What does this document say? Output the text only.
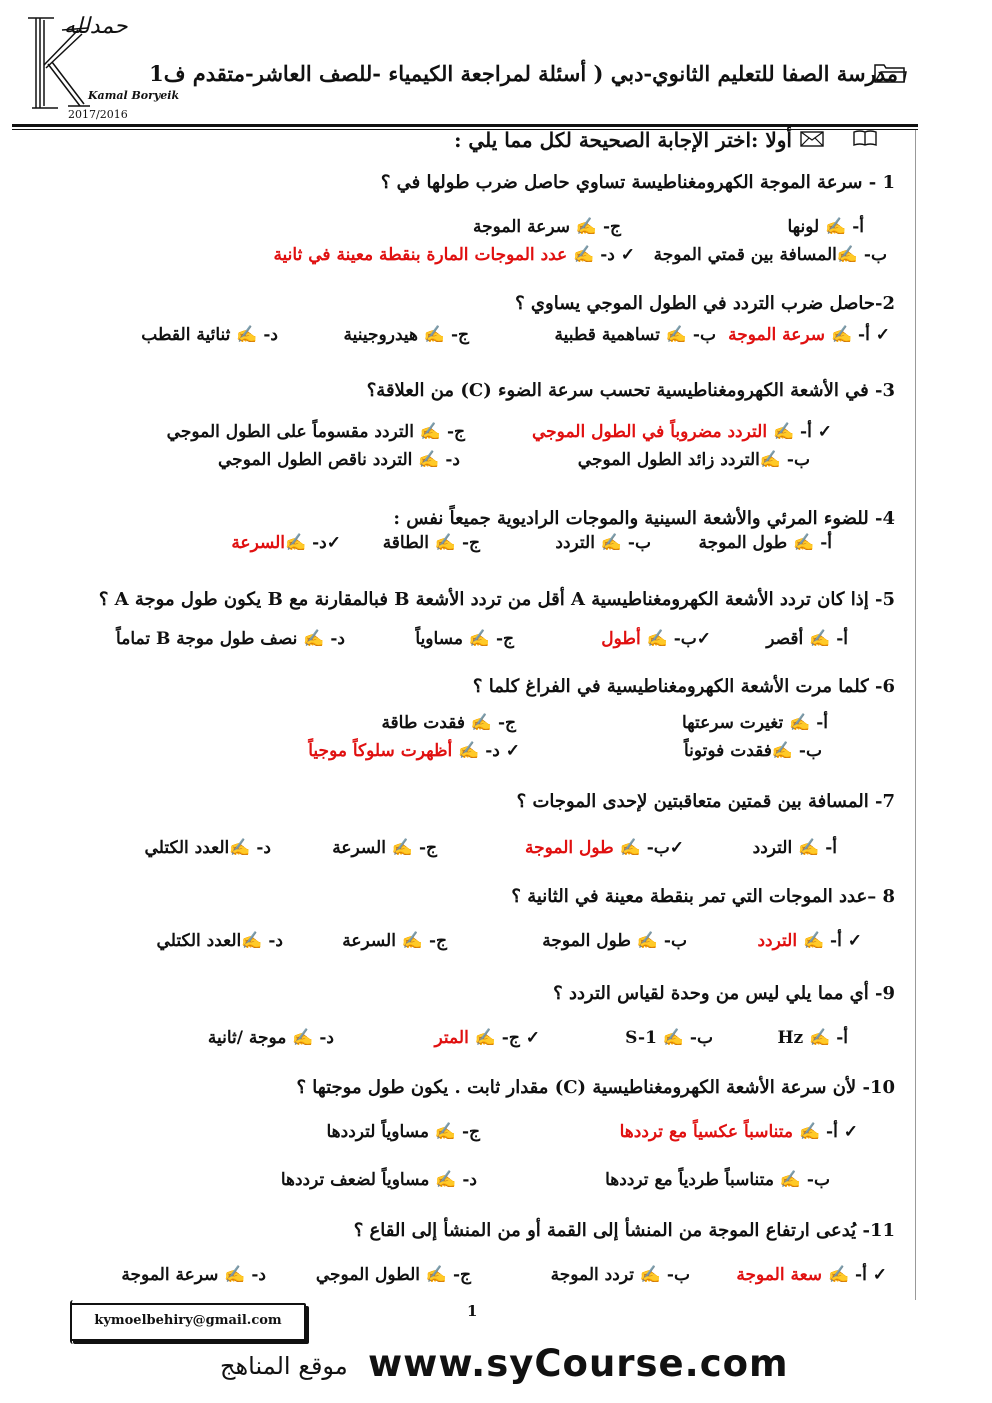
حمدلله
Kamal Boryeik
2017/2016
مدرسة الصفا للتعليم الثانوي-دبي ( أسئلة لمراجعة الكيمياء -للصف العاشر-متقدم ف1
أولا :اختر الإجابة الصحيحة لكل مما يلي :
1 - سرعة الموجة الكهرومغناطيسة تساوي حاصل ضرب طولها في ؟
أ- ✍ لونها
ج- ✍ سرعة الموجة
ب- ✍المسافة بين قمتي الموجة
✓ د- ✍ عدد الموجات المارة بنقطة معينة في ثانية
2-حاصل ضرب التردد في الطول الموجي يساوي ؟
✓ أ- ✍ سرعة الموجة
ب- ✍ تساهمية قطبية
ج- ✍ هيدروجينية
د- ✍ ثنائية القطب
3- في الأشعة الكهرومغناطيسية تحسب سرعة الضوء (C) من العلاقة؟
✓ أ- ✍ التردد مضروباً في الطول الموجي
ج- ✍ التردد مقسوماً على الطول الموجي
ب- ✍التردد زائد الطول الموجي
د- ✍ التردد ناقص الطول الموجي
4- للضوء المرئي والأشعة السينية والموجات الراديوية جميعاً نفس :
أ- ✍ طول الموجة
ب- ✍ التردد
ج- ✍ الطاقة
✓د- ✍السرعة
5- إذا كان تردد الأشعة الكهرومغناطيسية A أقل من تردد الأشعة B فبالمقارنة مع B يكون طول موجة A ؟
أ- ✍ أقصر
✓ب- ✍ أطول
ج- ✍ مساوياً
د- ✍ نصف طول موجة B تماماً
6- كلما مرت الأشعة الكهرومغناطيسية في الفراغ كلما ؟
أ- ✍ تغيرت سرعتها
ج- ✍ فقدت طاقة
ب- ✍فقدت فوتوناً
✓ د- ✍ أظهرت سلوكاً موجياً
7- المسافة بين قمتين متعاقبتين لإحدى الموجات ؟
أ- ✍ التردد
✓ب- ✍ طول الموجة
ج- ✍ السرعة
د- ✍العدد الكتلي
8 –عدد الموجات التي تمر بنقطة معينة في الثانية ؟
✓ أ- ✍ التردد
ب- ✍ طول الموجة
ج- ✍ السرعة
د- ✍العدد الكتلي
9- أي مما يلي ليس من وحدة لقياس التردد ؟
أ- ✍ Hz
ب- ✍ S-1
✓ ج- ✍ المتر
د- ✍ موجة /ثانية
10- لأن سرعة الأشعة الكهرومغناطيسية (C) مقدار ثابت . يكون طول موجتها ؟
✓ أ- ✍ متناسباً عكسياً مع ترددها
ج- ✍ مساوياً لترددها
ب- ✍ متناسباً طردياً مع ترددها
د- ✍ مساوياً لضعف ترددها
11- يُدعى ارتفاع الموجة من المنشأ إلى القمة أو من المنشأ إلى القاع ؟
✓ أ- ✍ سعة الموجة
ب- ✍ تردد الموجة
ج- ✍ الطول الموجي
د- ✍ سرعة الموجة
1
kymoelbehiry@gmail.com
www.syCourse.com
موقع المناهج
